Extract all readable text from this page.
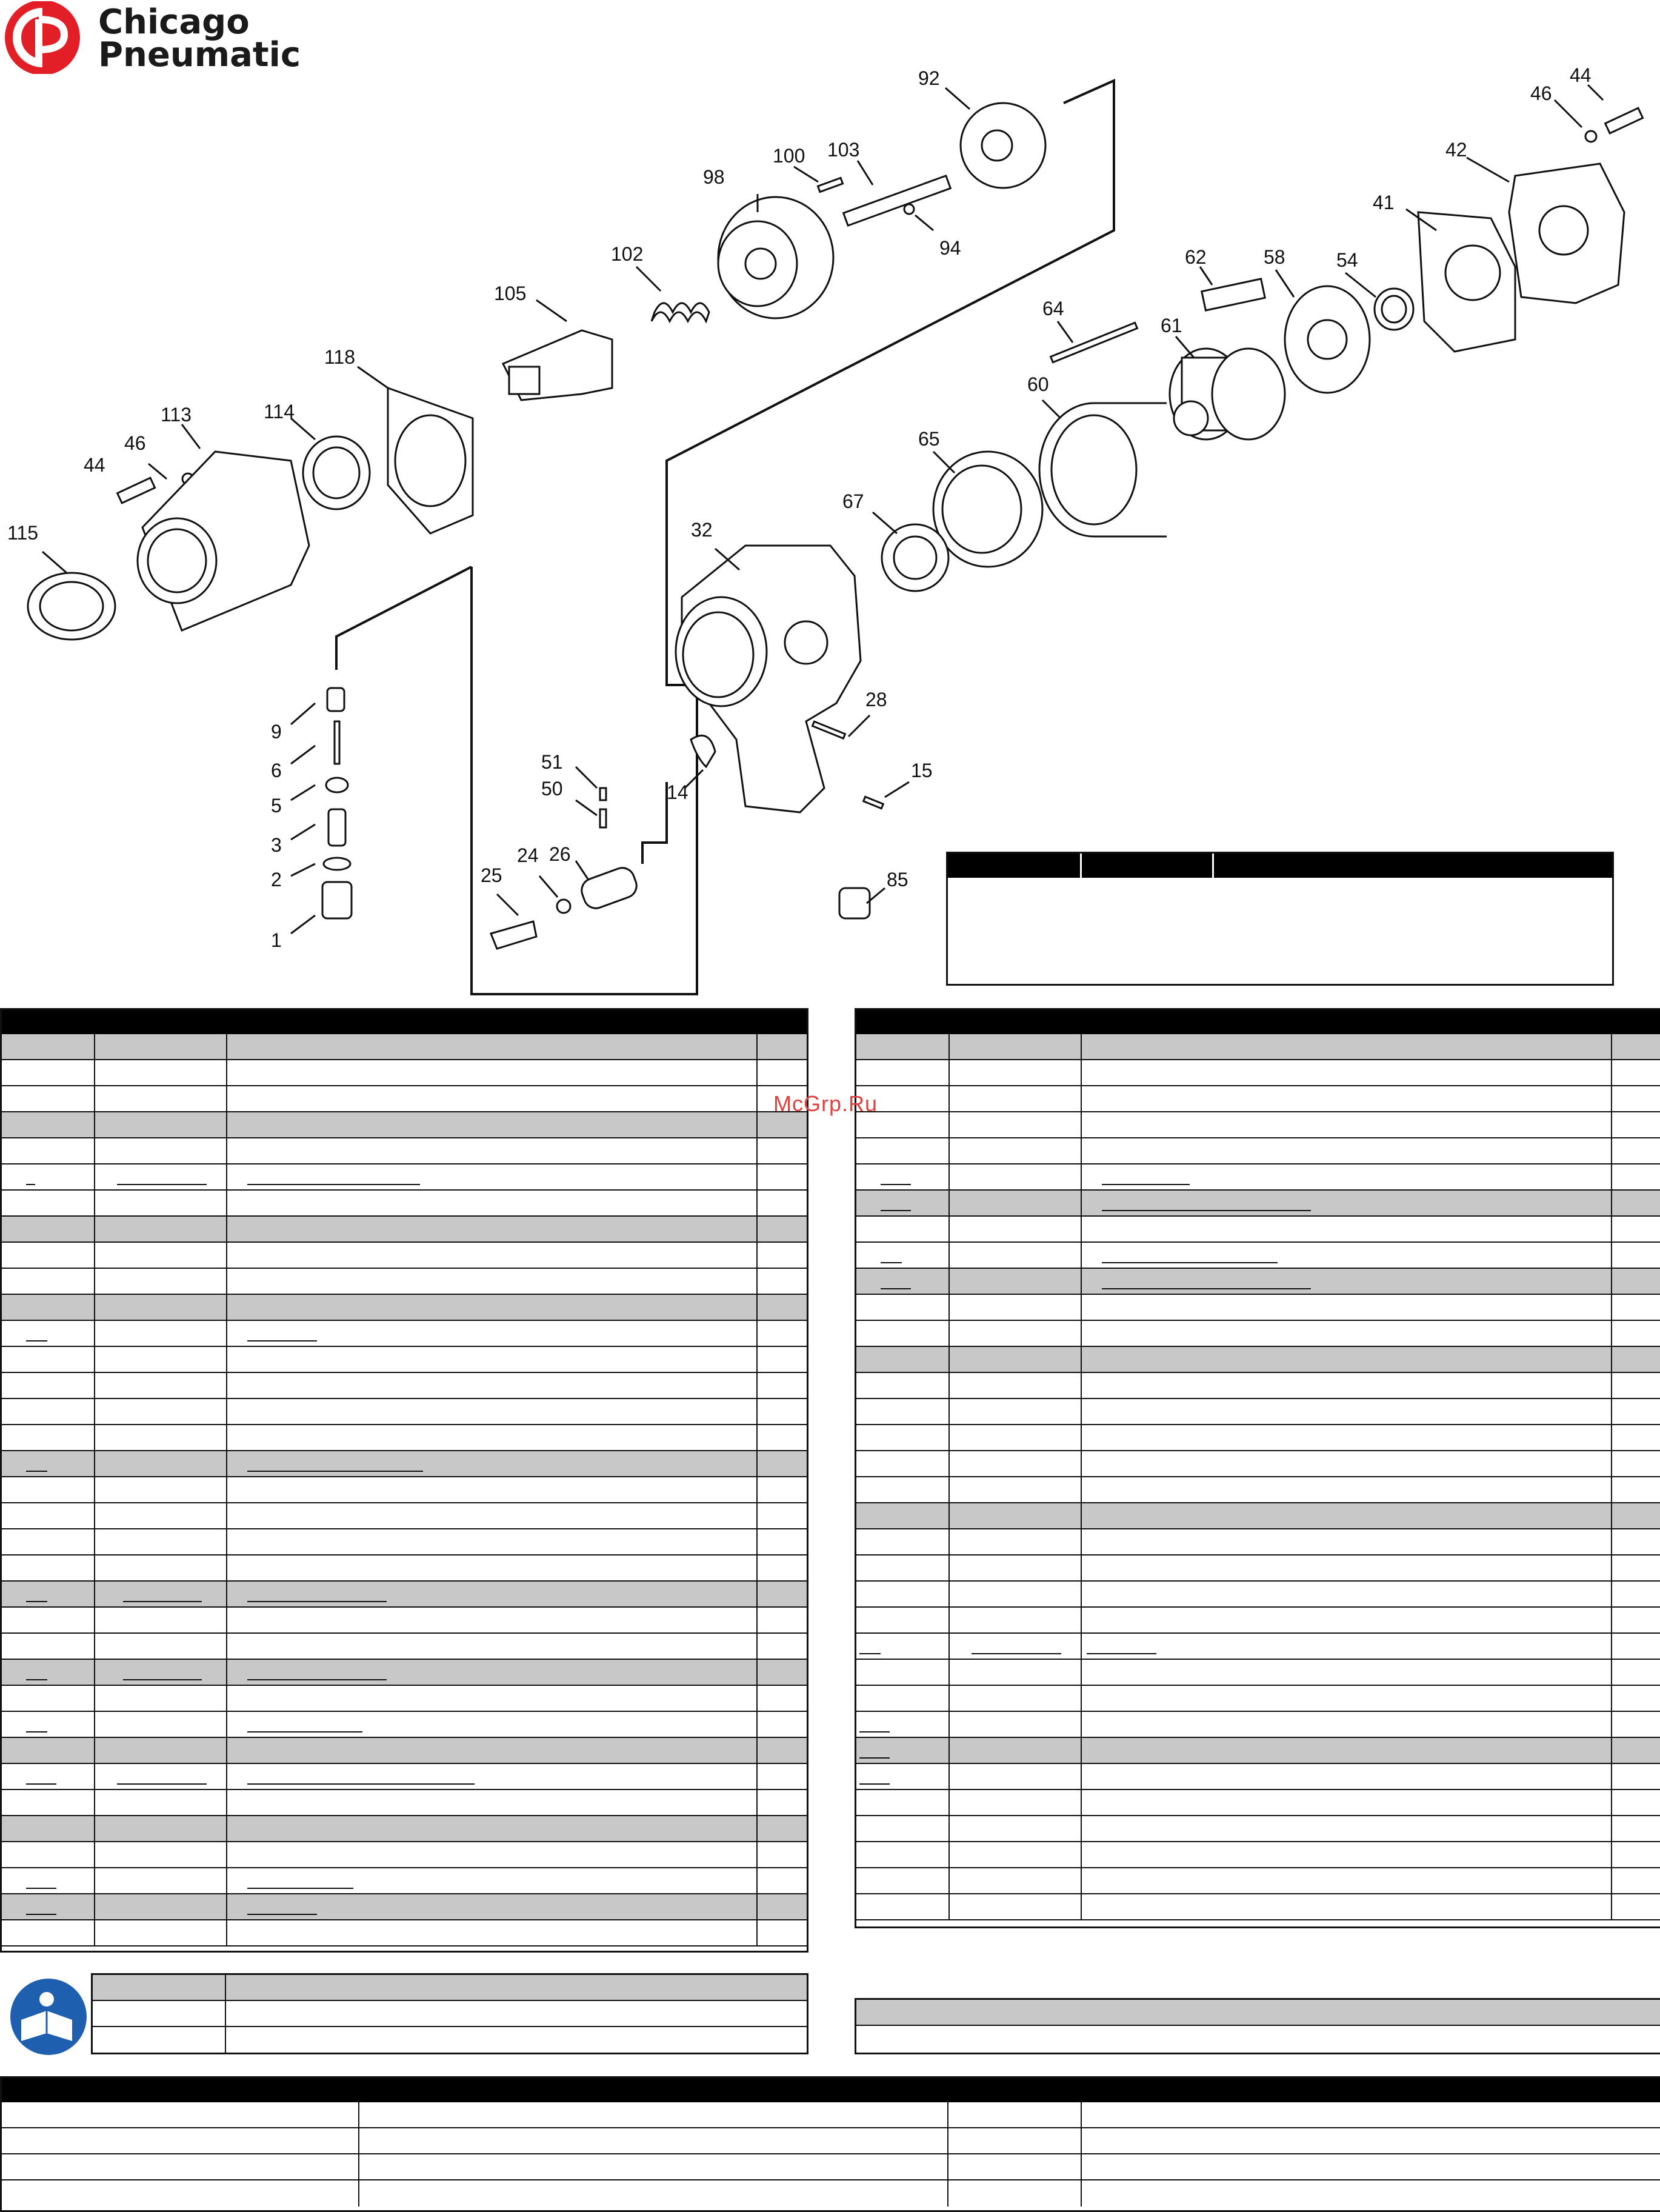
Chicago
Pneumatic
92	44
46
100 103	42
98
94
41
62	58	54
102
105
64
61
118
60
113	114
46
44
65
67
115	32
28
9
6	51	15
5
50	14
3	26
2
24
85
25
1
McGrp.Ru
